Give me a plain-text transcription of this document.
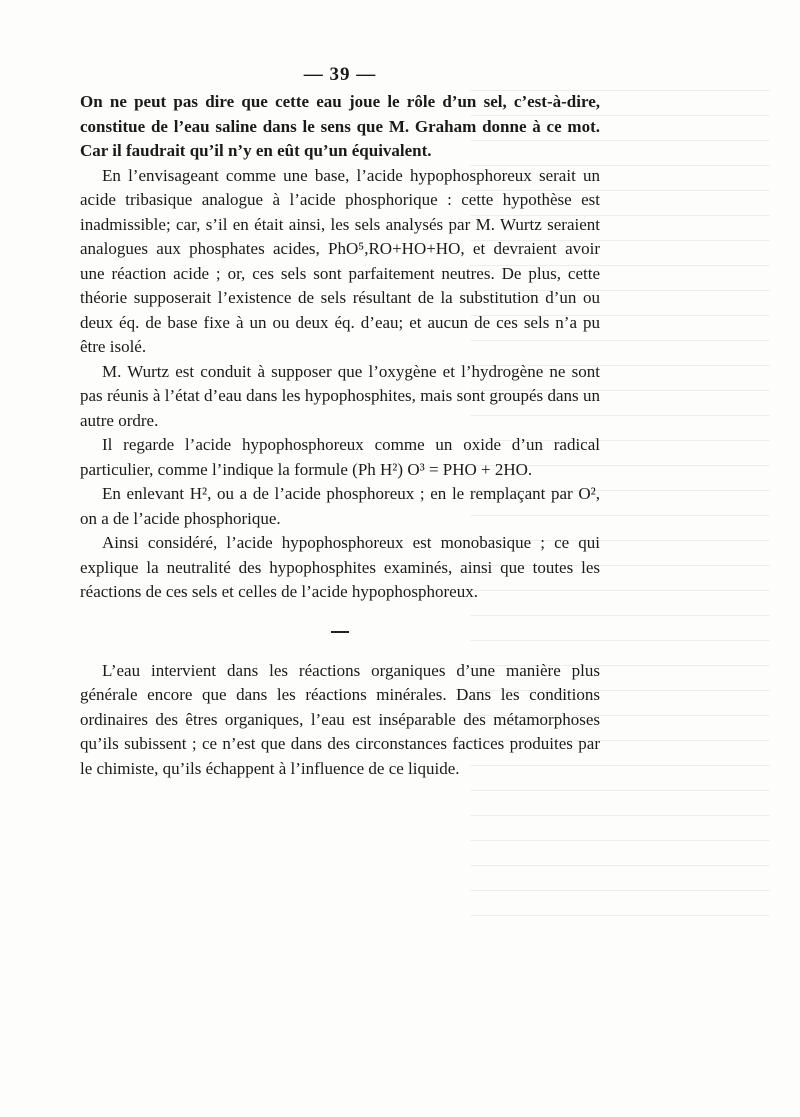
— 39 —

On ne peut pas dire que cette eau joue le rôle d’un sel, c’est-à-dire, constitue de l’eau saline dans le sens que M. Graham donne à ce mot. Car il faudrait qu’il n’y en eût qu’un équivalent.

En l’envisageant comme une base, l’acide hypophosphoreux serait un acide tribasique analogue à l’acide phosphorique : cette hypothèse est inadmissible; car, s’il en était ainsi, les sels analysés par M. Wurtz seraient analogues aux phosphates acides, PhO⁵,RO+HO+HO, et devraient avoir une réaction acide ; or, ces sels sont parfaitement neutres. De plus, cette théorie supposerait l’existence de sels résultant de la substitution d’un ou deux éq. de base fixe à un ou deux éq. d’eau; et aucun de ces sels n’a pu être isolé.

M. Wurtz est conduit à supposer que l’oxygène et l’hydrogène ne sont pas réunis à l’état d’eau dans les hypophosphites, mais sont groupés dans un autre ordre.

Il regarde l’acide hypophosphoreux comme un oxide d’un radical particulier, comme l’indique la formule (Ph H²) O³ = PHO + 2HO.

En enlevant H², ou a de l’acide phosphoreux ; en le remplaçant par O², on a de l’acide phosphorique.

Ainsi considéré, l’acide hypophosphoreux est monobasique ; ce qui explique la neutralité des hypophosphites examinés, ainsi que toutes les réactions de ces sels et celles de l’acide hypophosphoreux.

L’eau intervient dans les réactions organiques d’une manière plus générale encore que dans les réactions minérales. Dans les conditions ordinaires des êtres organiques, l’eau est inséparable des métamorphoses qu’ils subissent ; ce n’est que dans des circonstances factices produites par le chimiste, qu’ils échappent à l’influence de ce liquide.
